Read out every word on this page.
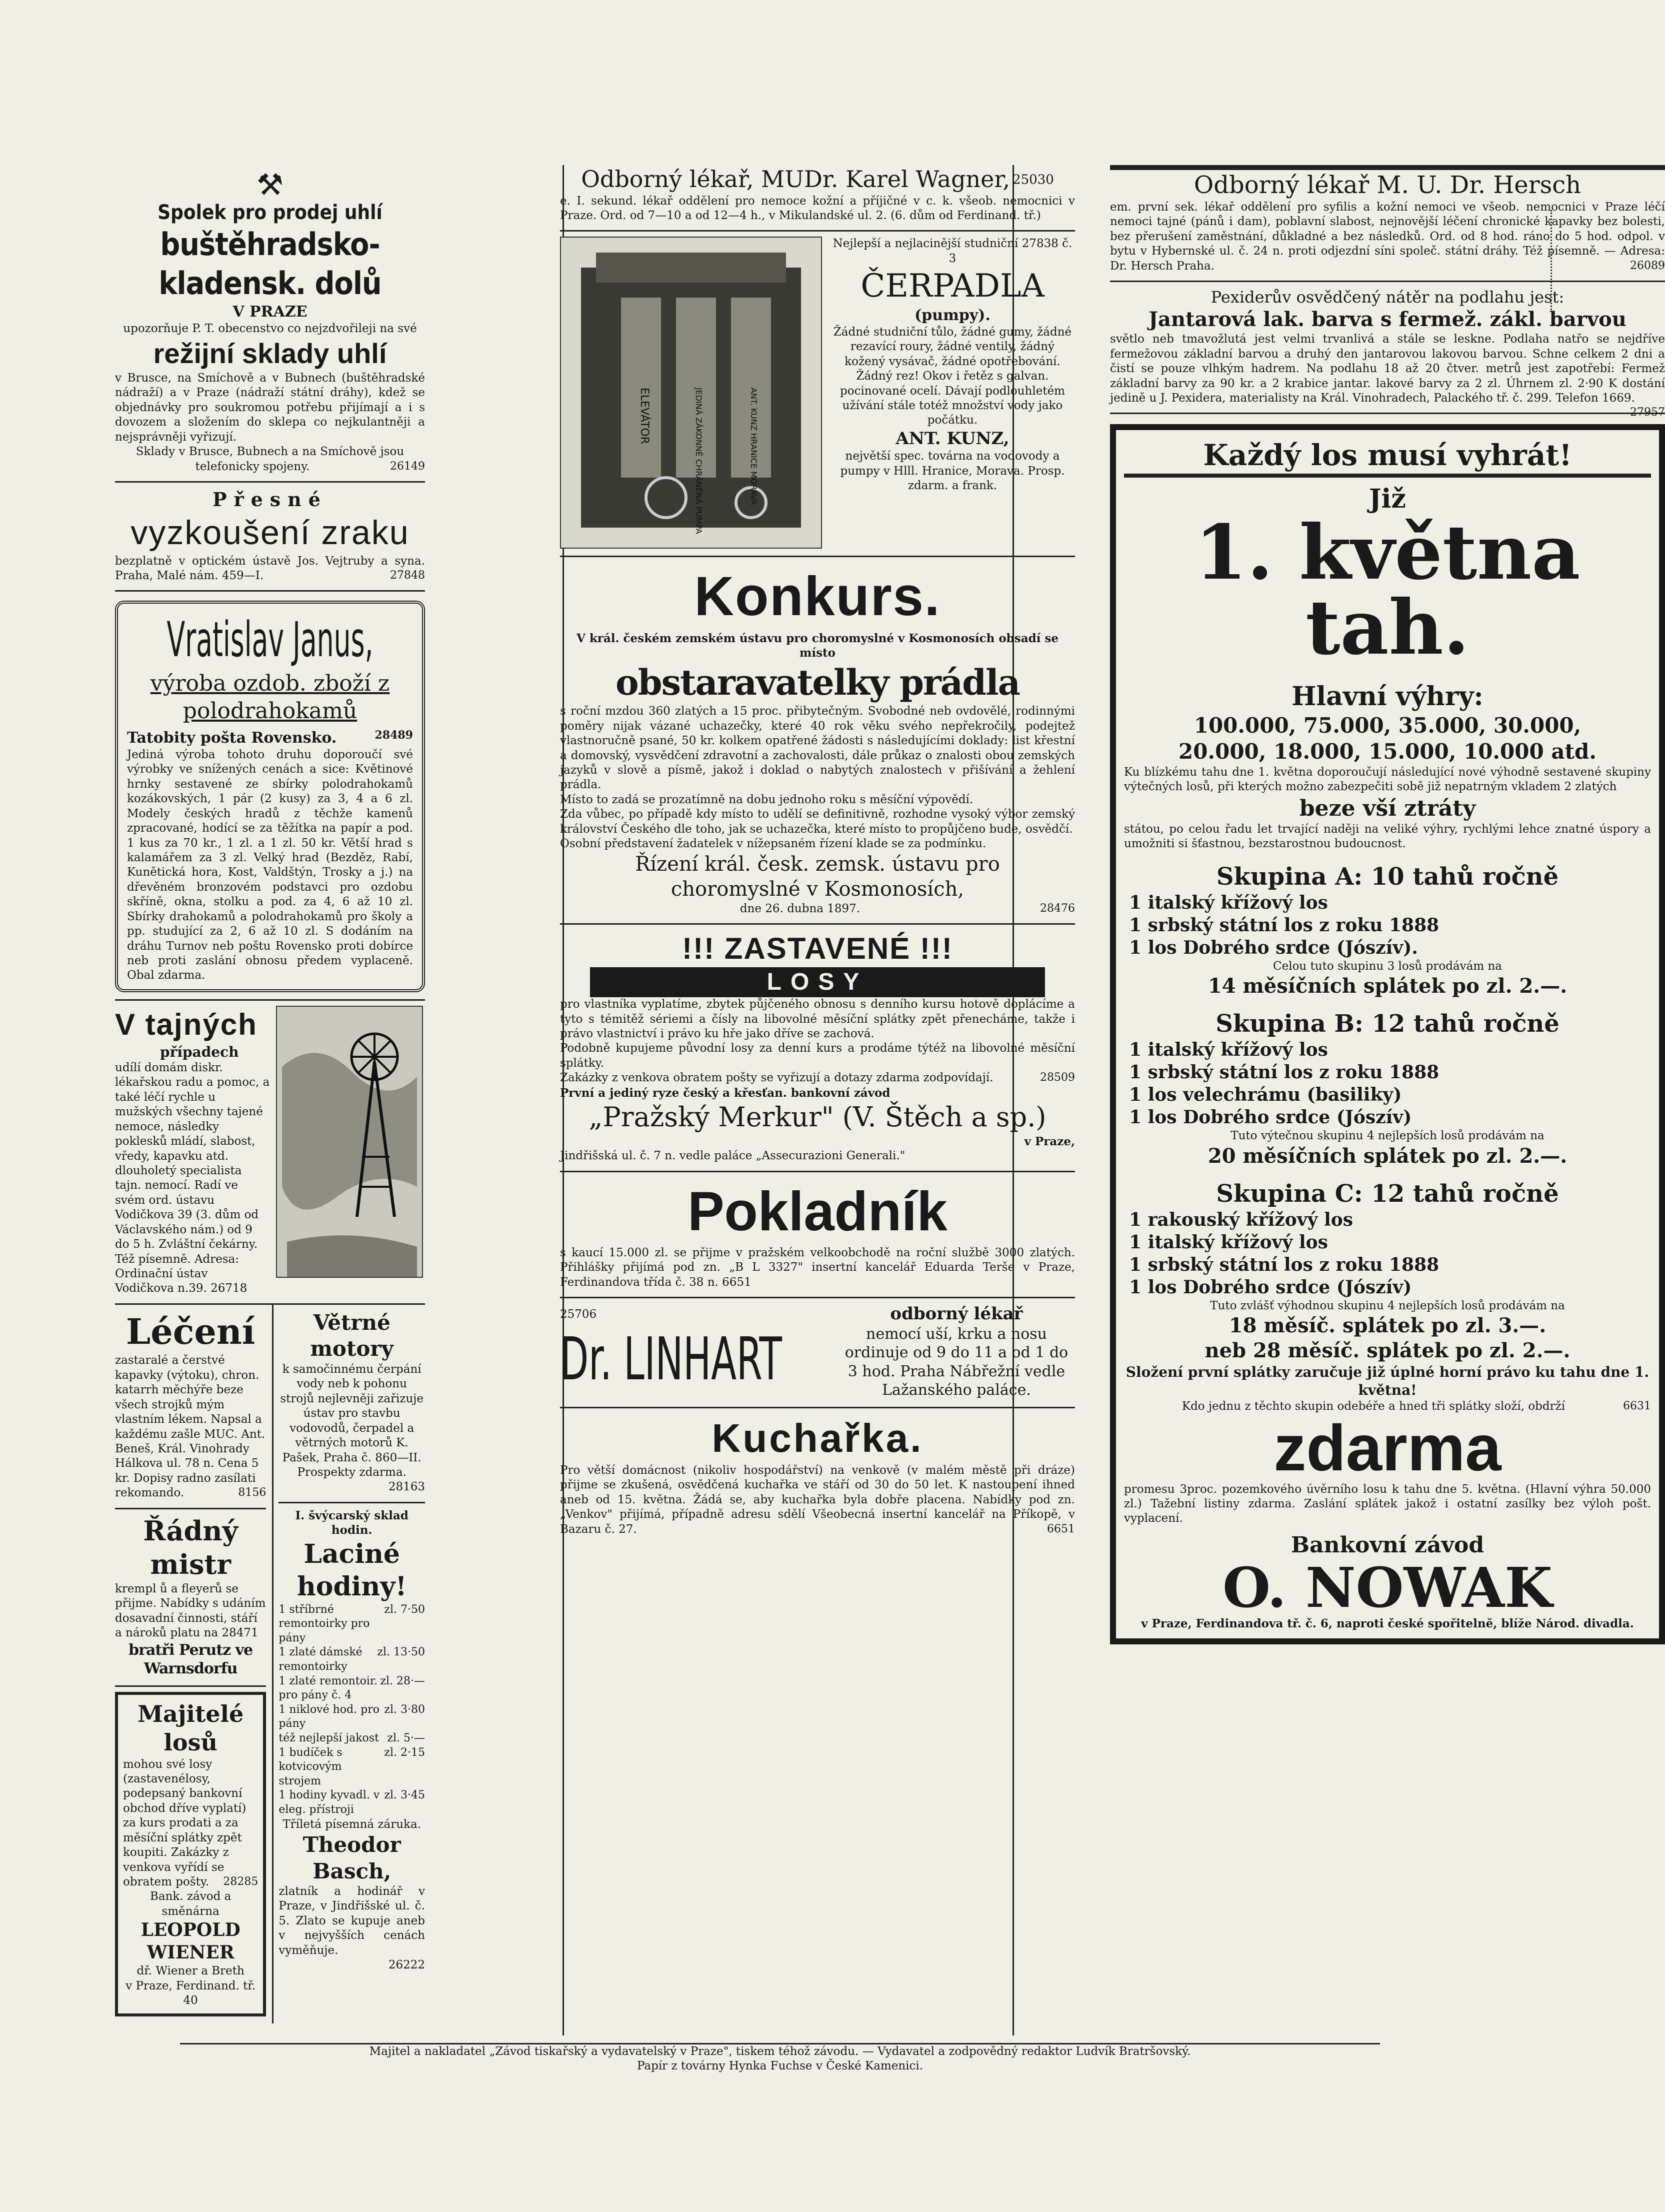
⚒

Spolek pro prodej uhlí

buštěhradsko-kladensk. dolů

V PRAZE

upozorňuje P. T. obecenstvo co nejzdvořileji na své

režijní sklady uhlí

v Brusce, na Smíchově a v Bubnech (buštěhradské nádraží) a v Praze (nádraží státní dráhy), kdež se objednávky pro soukromou potřebu přijímají a i s dovozem a složením do sklepa co nejkulantněji a nejsprávněji vyřizují.

Sklady v Brusce, Bubnech a na Smíchově jsou telefonicky spojeny.	26149

Přesné

vyzkoušení zraku

bezplatně v optickém ústavě Jos. Vejtruby a syna. Praha, Malé nám. 459—I.	27848

Vratislav Janus,

výroba ozdob. zboží z polodrahokamů

Tatobity pošta Rovensko.	28489

Jediná výroba tohoto druhu doporoučí své výrobky ve snížených cenách a sice: Květinové hrnky sestavené ze sbírky polodrahokamů kozákovských, 1 pár (2 kusy) za 3, 4 a 6 zl. Modely českých hradů z těchže kamenů zpracované, hodící se za těžítka na papír a pod. 1 kus za 70 kr., 1 zl. a 1 zl. 50 kr. Větší hrad s kalamářem za 3 zl. Velký hrad (Bezděz, Rabí, Kunětická hora, Kost, Valdštýn, Trosky a j.) na dřevěném bronzovém podstavci pro ozdobu skříně, okna, stolku a pod. za 4, 6 až 10 zl. Sbírky drahokamů a polodrahokamů pro školy a pp. studující za 2, 6 až 10 zl. S dodáním na dráhu Turnov neb poštu Rovensko proti dobírce neb proti zaslání obnosu předem vyplaceně. Obal zdarma.

V tajných

případech

udílí domám diskr. lékařskou radu a pomoc, a také léčí rychle u mužských všechny tajené nemoce, následky poklesků mládí, slabost, vředy, kapavku atd. dlouholetý specialista tajn. nemocí. Radí ve svém ord. ústavu Vodičkova 39 (3. dům od Václavského nám.) od 9 do 5 h. Zvláštní čekárny. Též písemně. Adresa: Ordinační ústav Vodičkova n.39. 26718

Léčení

zastaralé a čerstvé kapavky (výtoku), chron. katarrh měchýře beze všech strojků mým vlastním lékem. Napsal a každému zašle MUC. Ant. Beneš, Král. Vinohrady Hálkova ul. 78 n. Cena 5 kr. Dopisy radno zasílati rekomando.	8156

Řádný mistr

krempl ů a fleyerů se přijme. Nabídky s udáním dosavadní činnosti, stáří a nároků platu na 28471

bratři Perutz ve Warnsdorfu

Majitelé losů

mohou své losy (zastavenélosy, podepsaný bankovní obchod dříve vyplatí) za kurs prodati a za měsíční splátky zpět koupiti. Zakázky z venkova vyřídí se obratem pošty. 28285

Bank. závod a směnárna

LEOPOLD WIENER

dř. Wiener a Breth

v Praze, Ferdinand. tř. 40

Větrné motory

k samočinnému čerpání vody neb k pohonu strojů nejlevněji zařizuje ústav pro stavbu vodovodů, čerpadel a větrných motorů K. Pašek, Praha č. 860—II. Prospekty zdarma.

28163

I. švýcarský sklad hodin.

Laciné hodiny!

1 stříbrné remontoirky pro pány
zl. 7·50
1 zlaté dámské remontoirky
zl. 13·50
1 zlaté remontoir. pro pány č. 4
zl. 28·—
1 niklové hod. pro pány
zl. 3·80
též nejlepší jakost zl. 5·—
1 budíček s kotvicovým strojem
zl. 2·15
1 hodiny kyvadl. v eleg. přístroji
zl. 3·45

Tříletá písemná záruka.

Theodor Basch,

zlatník a hodinář v Praze, v Jindřišské ul. č. 5. Zlato se kupuje aneb v nejvyšších cenách vyměňuje.

26222

Odborný lékař, MUDr. Karel Wagner, 25030

e. I. sekund. lékař oddělení pro nemoce kožní a příjičné v c. k. všeob. nemocnici v Praze. Ord. od 7—10 a od 12—4 h., v Mikulandské ul. 2. (6. dům od Ferdinand. tř.)

ELEVÁTOR	JEDINÁ ZÁKONNĚ CHRÁNĚNÁ PUMPA	ANT. KUNZ HRANICE MORAVA

Nejlepší a nejlacinější studniční 27838 č. 3

ČERPADLA

(pumpy).

Žádné studniční tůlo, žádné gumy, žádné rezavící roury, žádné ventily, žádný kožený vysávač, žádné opotřebování. Žádný rez! Okov i řetěz s galvan. pocinované ocelí. Dávají podlouhletém užívání stále totéž množství vody jako počátku.

ANT. KUNZ,

největší spec. továrna na vodovody a pumpy v Hlll. Hranice, Morava. Prosp. zdarm. a frank.

Konkurs.

V král. českém zemském ústavu pro choromyslné v Kosmonosích obsadí se místo

obstaravatelky prádla

s roční mzdou 360 zlatých a 15 proc. přibytečným. Svobodné neb ovdovělé, rodinnými poměry nijak vázané uchazečky, které 40 rok věku svého nepřekročily, podejtež vlastnoručně psané, 50 kr. kolkem opatřené žádosti s následujícími doklady: list křestní a domovský, vysvědčení zdravotní a zachovalosti, dále průkaz o znalosti obou zemských jazyků v slově a písmě, jakož i doklad o nabytých znalostech v přišívání a žehlení prádla.

Místo to zadá se prozatímně na dobu jednoho roku s měsíční výpovědí.

Zda vůbec, po případě kdy místo to udělí se definitivně, rozhodne vysoký výbor zemský království Českého dle toho, jak se uchazečka, které místo to propůjčeno bude, osvědčí.

Osobní představení žadatelek v nížepsaném řízení klade se za podmínku.

Řízení král. česk. zemsk. ústavu pro

choromyslné v Kosmonosích,

dne 26. dubna 1897.	28476

!!! ZASTAVENÉ !!!

LOSY

pro vlastníka vyplatíme, zbytek půjčeného obnosu s denního kursu hotově doplácíme a tyto s témitěž sériemi a čísly na libovolné měsíční splátky zpět přenecháme, takže i právo vlastnictví i právo ku hře jako dříve se zachová.

Podobně kupujeme původní losy za denní kurs a prodáme týtéž na libovolné měsíční splátky.

Zakázky z venkova obratem pošty se vyřizují a dotazy zdarma zodpovídají.	28509

První a jediný ryze český a křesťan. bankovní závod

„Pražský Merkur" (V. Štěch a sp.)

v Praze,

Jindřišská ul. č. 7 n. vedle paláce „Assecurazioni Generali."

Pokladník

s kaucí 15.000 zl. se přijme v pražském velkoobchodě na roční službě 3000 zlatých. Přihlášky přijímá pod zn. „B L 3327" insertní kancelář Eduarda Terše v Praze, Ferdinandova třída č. 38 n. 6651

25706

Dr. LINHART

odborný lékař

nemocí uší, krku a nosu ordinuje od 9 do 11 a od 1 do 3 hod. Praha Nábřežní vedle Lažanského paláce.

Kuchařka.

Pro větší domácnost (nikoliv hospodářství) na venkově (v malém městě při dráze) přijme se zkušená, osvědčená kuchařka ve stáří od 30 do 50 let. K nastoupení ihned aneb od 15. května. Žádá se, aby kuchařka byla dobře placena. Nabídky pod zn. „Venkov" přijímá, případně adresu sdělí Všeobecná insertní kancelář na Příkopě, v Bazaru č. 27.	6651

Odborný lékař M. U. Dr. Hersch

em. první sek. lékař oddělení pro syfilis a kožní nemoci ve všeob. nemocnici v Praze léčí nemoci tajné (pánů i dam), poblavní slabost, nejnovější léčení chronické kapavky bez bolesti, bez přerušení zaměstnání, důkladné a bez následků. Ord. od 8 hod. ráno do 5 hod. odpol. v bytu v Hybernské ul. č. 24 n. proti odjezdní síni společ. státní dráhy. Též písemně. — Adresa: Dr. Hersch Praha.	26089

Pexiderův osvědčený nátěr na podlahu jest:

Jantarová lak. barva s fermež. zákl. barvou

světlo neb tmavožlutá jest velmi trvanlivá a stále se leskne. Podlaha natřo se nejdříve fermežovou základní barvou a druhý den jantarovou lakovou barvou. Schne celkem 2 dni a čistí se pouze vlhkým hadrem. Na podlahu 18 až 20 čtver. metrů jest zapotřebí: Fermež základní barvy za 90 kr. a 2 krabice jantar. lakové barvy za 2 zl. Úhrnem zl. 2·90 K dostání jedině u J. Pexidera, materialisty na Král. Vinohradech, Palackého tř. č. 299. Telefon 1669.
27957

Každý los musí vyhrát!

Již

1. května

tah.

Hlavní výhry:

100.000, 75.000, 35.000, 30.000,

20.000, 18.000, 15.000, 10.000 atd.

Ku blízkému tahu dne 1. května doporoučují následující nové výhodně sestavené skupiny výtečných losů, při kterých možno zabezpečiti sobě již nepatrným vkladem 2 zlatých

beze vší ztráty

státou, po celou řadu let trvající naději na veliké výhry, rychlými lehce znatné úspory a umožniti si šťastnou, bezstarostnou budoucnost.

Skupina A: 10 tahů ročně

1 italský křížový los

1 srbský státní los z roku 1888

1 los Dobrého srdce (Jószív).

Celou tuto skupinu 3 losů prodávám na

14 měsíčních splátek po zl. 2.—.

Skupina B: 12 tahů ročně

1 italský křížový los

1 srbský státní los z roku 1888

1 los velechrámu (basiliky)

1 los Dobrého srdce (Jószív)

Tuto výtečnou skupinu 4 nejlepších losů prodávám na

20 měsíčních splátek po zl. 2.—.

Skupina C: 12 tahů ročně

1 rakouský křížový los

1 italský křížový los

1 srbský státní los z roku 1888

1 los Dobrého srdce (Jószív)

Tuto zvlášť výhodnou skupinu 4 nejlepších losů prodávám na

18 měsíč. splátek po zl. 3.—.

neb 28 měsíč. splátek po zl. 2.—.

Složení první splátky zaručuje již úplné horní právo ku tahu dne 1. května!

Kdo jednu z těchto skupin odebéře a hned tři splátky složí, obdrží	6631

zdarma

promesu 3proc. pozemkového úvěrního losu k tahu dne 5. května. (Hlavní výhra 50.000 zl.) Tažební listiny zdarma. Zaslání splátek jakož i ostatní zasílky bez výloh pošt. vyplacení.

Bankovní závod

O. NOWAK

v Praze, Ferdinandova tř. č. 6, naproti české spořitelně, blíže Národ. divadla.

Majitel a nakladatel „Závod tiskařský a vydavatelský v Praze", tiskem téhož závodu. — Vydavatel a zodpovědný redaktor Ludvík Bratršovský.

Papír z továrny Hynka Fuchse v České Kamenici.
